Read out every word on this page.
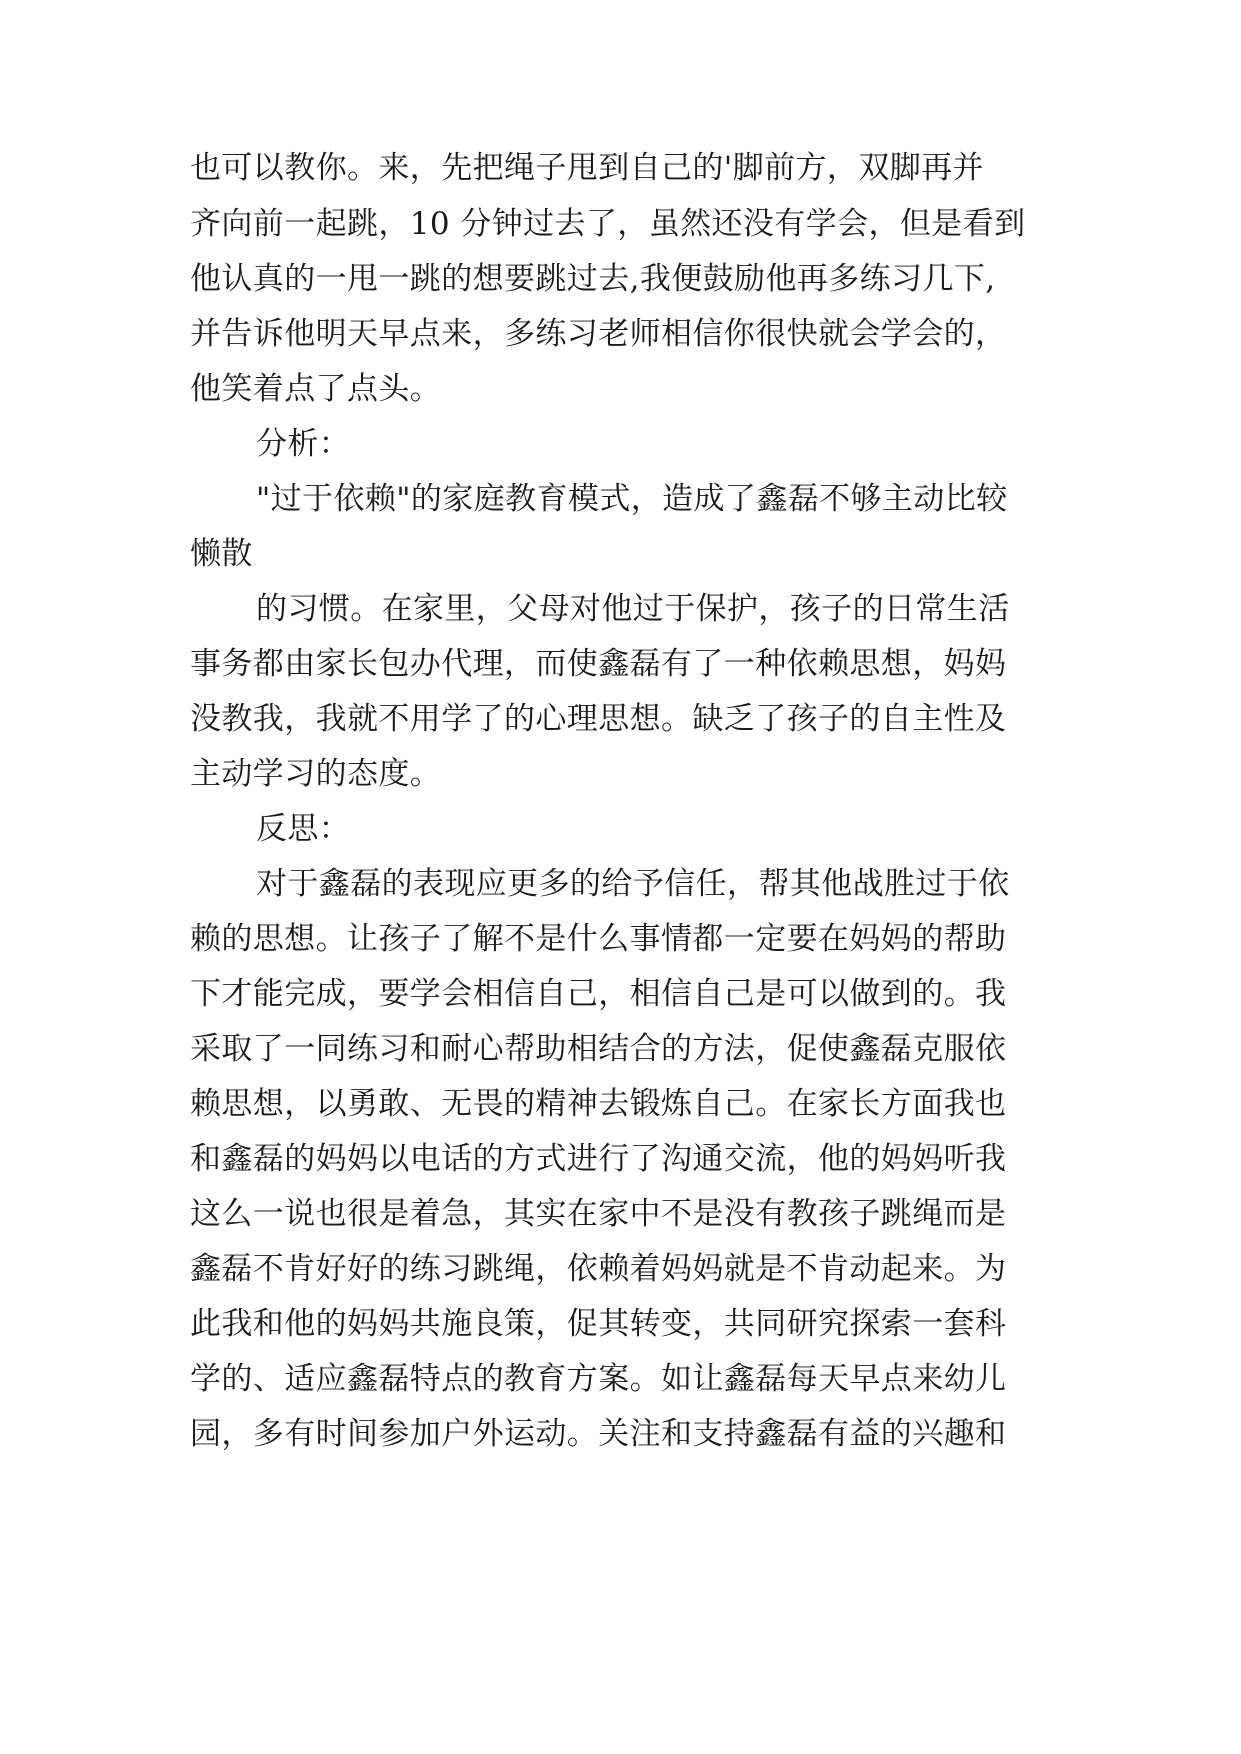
也可以教你。来，先把绳子甩到自己的'脚前方，双脚再并
齐向前一起跳，10 分钟过去了，虽然还没有学会，但是看到
他认真的一甩一跳的想要跳过去,我便鼓励他再多练习几下,
并告诉他明天早点来，多练习老师相信你很快就会学会的，
他笑着点了点头。
分析：
"过于依赖"的家庭教育模式，造成了鑫磊不够主动比较
懒散
的习惯。在家里，父母对他过于保护，孩子的日常生活
事务都由家长包办代理，而使鑫磊有了一种依赖思想，妈妈
没教我，我就不用学了的心理思想。缺乏了孩子的自主性及
主动学习的态度。
反思：
对于鑫磊的表现应更多的给予信任，帮其他战胜过于依
赖的思想。让孩子了解不是什么事情都一定要在妈妈的帮助
下才能完成，要学会相信自己，相信自己是可以做到的。我
采取了一同练习和耐心帮助相结合的方法，促使鑫磊克服依
赖思想，以勇敢、无畏的精神去锻炼自己。在家长方面我也
和鑫磊的妈妈以电话的方式进行了沟通交流，他的妈妈听我
这么一说也很是着急，其实在家中不是没有教孩子跳绳而是
鑫磊不肯好好的练习跳绳，依赖着妈妈就是不肯动起来。为
此我和他的妈妈共施良策，促其转变，共同研究探索一套科
学的、适应鑫磊特点的教育方案。如让鑫磊每天早点来幼儿
园，多有时间参加户外运动。关注和支持鑫磊有益的兴趣和
